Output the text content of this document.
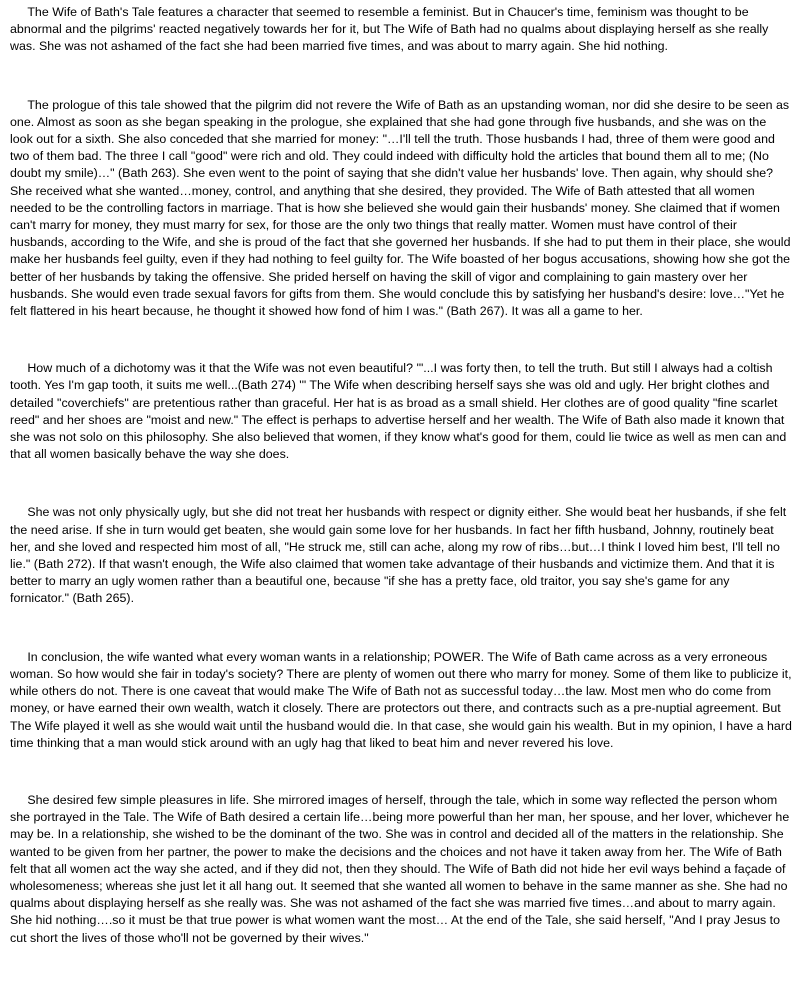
The Wife of Bath's Tale features a character that seemed to resemble a feminist. But in Chaucer's time, feminism was thought to be abnormal and the pilgrims' reacted negatively towards her for it, but The Wife of Bath had no qualms about displaying herself as she really was. She was not ashamed of the fact she had been married five times, and was about to marry again. She hid nothing.

The prologue of this tale showed that the pilgrim did not revere the Wife of Bath as an upstanding woman, nor did she desire to be seen as one. Almost as soon as she began speaking in the prologue, she explained that she had gone through five husbands, and she was on the look out for a sixth. She also conceded that she married for money: "…I'll tell the truth. Those husbands I had, three of them were good and two of them bad. The three I call "good" were rich and old. They could indeed with difficulty hold the articles that bound them all to me; (No doubt my smile)…" (Bath 263). She even went to the point of saying that she didn't value her husbands' love. Then again, why should she? She received what she wanted…money, control, and anything that she desired, they provided. The Wife of Bath attested that all women needed to be the controlling factors in marriage. That is how she believed she would gain their husbands' money. She claimed that if women can't marry for money, they must marry for sex, for those are the only two things that really matter. Women must have control of their husbands, according to the Wife, and she is proud of the fact that she governed her husbands. If she had to put them in their place, she would make her husbands feel guilty, even if they had nothing to feel guilty for. The Wife boasted of her bogus accusations, showing how she got the better of her husbands by taking the offensive. She prided herself on having the skill of vigor and complaining to gain mastery over her husbands. She would even trade sexual favors for gifts from them. She would conclude this by satisfying her husband's desire: love…"Yet he felt flattered in his heart because, he thought it showed how fond of him I was." (Bath 267). It was all a game to her.

How much of a dichotomy was it that the Wife was not even beautiful? '"...I was forty then, to tell the truth. But still I always had a coltish tooth. Yes I'm gap tooth, it suits me well...(Bath 274) '" The Wife when describing herself says she was old and ugly. Her bright clothes and detailed "coverchiefs" are pretentious rather than graceful. Her hat is as broad as a small shield. Her clothes are of good quality "fine scarlet reed" and her shoes are "moist and new." The effect is perhaps to advertise herself and her wealth. The Wife of Bath also made it known that she was not solo on this philosophy. She also believed that women, if they know what's good for them, could lie twice as well as men can and that all women basically behave the way she does.

She was not only physically ugly, but she did not treat her husbands with respect or dignity either. She would beat her husbands, if she felt the need arise. If she in turn would get beaten, she would gain some love for her husbands. In fact her fifth husband, Johnny, routinely beat her, and she loved and respected him most of all, "He struck me, still can ache, along my row of ribs…but…I think I loved him best, I'll tell no lie." (Bath 272). If that wasn't enough, the Wife also claimed that women take advantage of their husbands and victimize them. And that it is better to marry an ugly women rather than a beautiful one, because "if she has a pretty face, old traitor, you say she's game for any fornicator." (Bath 265).

In conclusion, the wife wanted what every woman wants in a relationship; POWER. The Wife of Bath came across as a very erroneous woman. So how would she fair in today's society? There are plenty of women out there who marry for money. Some of them like to publicize it, while others do not. There is one caveat that would make The Wife of Bath not as successful today…the law. Most men who do come from money, or have earned their own wealth, watch it closely. There are protectors out there, and contracts such as a pre-nuptial agreement. But The Wife played it well as she would wait until the husband would die. In that case, she would gain his wealth. But in my opinion, I have a hard time thinking that a man would stick around with an ugly hag that liked to beat him and never revered his love.

She desired few simple pleasures in life. She mirrored images of herself, through the tale, which in some way reflected the person whom she portrayed in the Tale. The Wife of Bath desired a certain life…being more powerful than her man, her spouse, and her lover, whichever he may be. In a relationship, she wished to be the dominant of the two. She was in control and decided all of the matters in the relationship. She wanted to be given from her partner, the power to make the decisions and the choices and not have it taken away from her. The Wife of Bath felt that all women act the way she acted, and if they did not, then they should. The Wife of Bath did not hide her evil ways behind a façade of wholesomeness; whereas she just let it all hang out. It seemed that she wanted all women to behave in the same manner as she. She had no qualms about displaying herself as she really was. She was not ashamed of the fact she was married five times…and about to marry again. She hid nothing….so it must be that true power is what women want the most… At the end of the Tale, she said herself, "And I pray Jesus to cut short the lives of those who'll not be governed by their wives."
